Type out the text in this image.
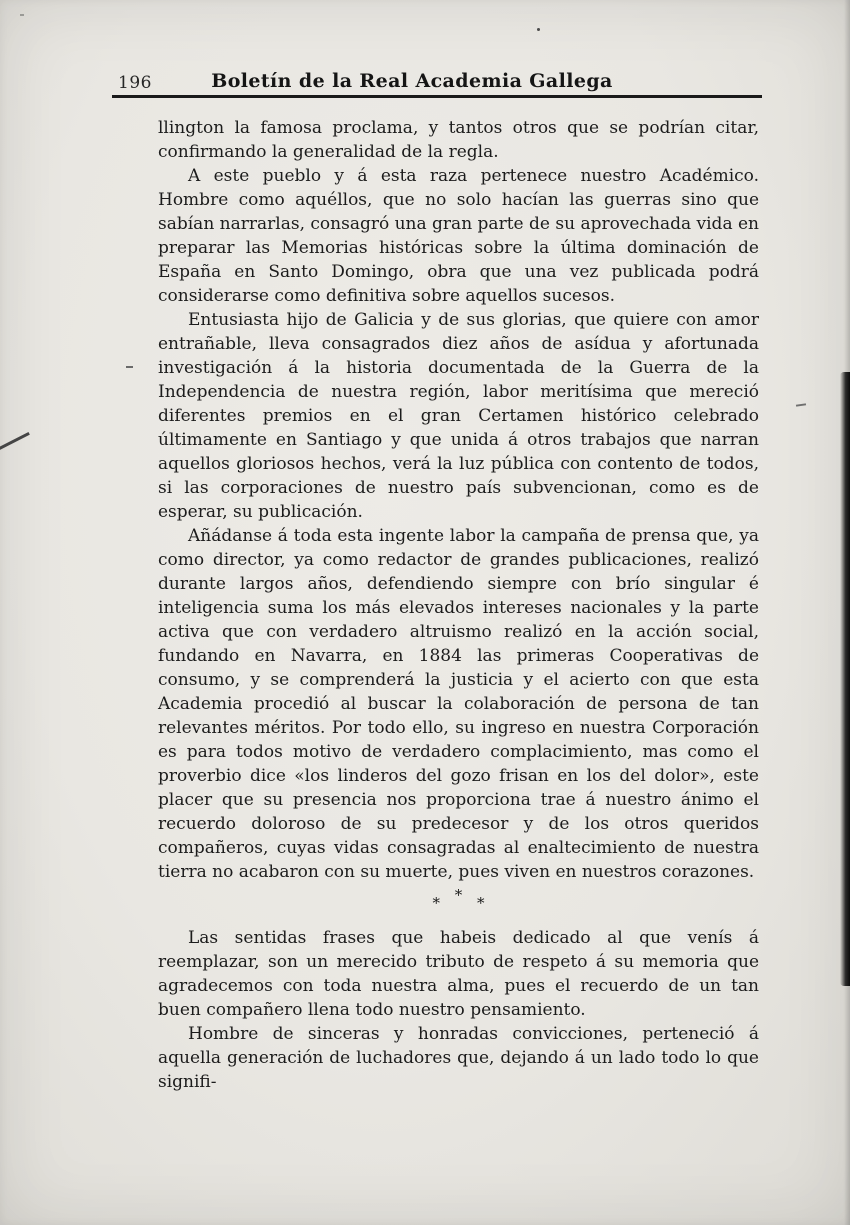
196	Boletín de la Real Academia Gallega

llington la famosa proclama, y tantos otros que se podrían citar, confirmando la generalidad de la regla.

A este pueblo y á esta raza pertenece nuestro Académico. Hombre como aquéllos, que no solo hacían las guerras sino que sabían narrarlas, consagró una gran parte de su aprovechada vida en preparar las Memorias históricas sobre la última dominación de España en Santo Domingo, obra que una vez publicada podrá considerarse como definitiva sobre aquellos sucesos.

Entusiasta hijo de Galicia y de sus glorias, que quiere con amor entrañable, lleva consagrados diez años de asídua y afortunada investigación á la historia documentada de la Guerra de la Independencia de nuestra región, labor meritísima que mereció diferentes premios en el gran Certamen histórico celebrado últimamente en Santiago y que unida á otros trabajos que narran aquellos gloriosos hechos, verá la luz pública con contento de todos, si las corporaciones de nuestro país subvencionan, como es de esperar, su publicación.

Añádanse á toda esta ingente labor la campaña de prensa que, ya como director, ya como redactor de grandes publicaciones, realizó durante largos años, defendiendo siempre con brío singular é inteligencia suma los más elevados intereses nacionales y la parte activa que con verdadero altruismo realizó en la acción social, fundando en Navarra, en 1884 las primeras Cooperativas de consumo, y se comprenderá la justicia y el acierto con que esta Academia procedió al buscar la colaboración de persona de tan relevantes méritos. Por todo ello, su ingreso en nuestra Corporación es para todos motivo de verdadero complacimiento, mas como el proverbio dice «los linderos del gozo frisan en los del dolor», este placer que su presencia nos proporciona trae á nuestro ánimo el recuerdo doloroso de su predecesor y de los otros queridos compañeros, cuyas vidas consagradas al enaltecimiento de nuestra tierra no acabaron con su muerte, pues viven en nuestros corazones.

* * *

Las sentidas frases que habeis dedicado al que venís á reemplazar, son un merecido tributo de respeto á su memoria que agradecemos con toda nuestra alma, pues el recuerdo de un tan buen compañero llena todo nuestro pensamiento.

Hombre de sinceras y honradas convicciones, perteneció á aquella generación de luchadores que, dejando á un lado todo lo que signifi-
